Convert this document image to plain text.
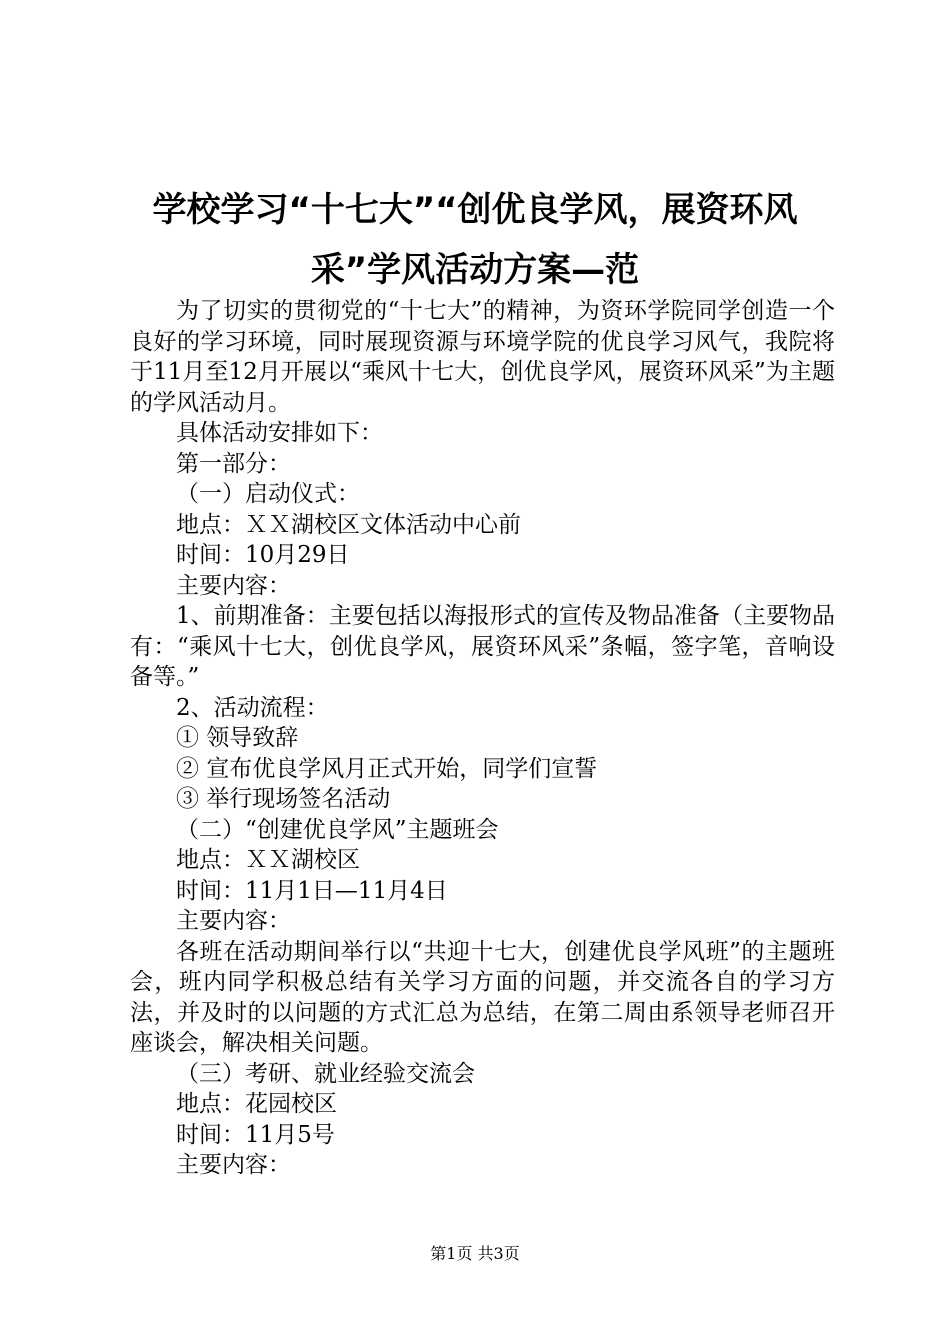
学校学习“十七大”“创优良学风，展资环风
采”学风活动方案—范

为了切实的贯彻党的“十七大”的精神，为资环学院同学创造一个良好的学习环境，同时展现资源与环境学院的优良学习风气，我院将于11月至12月开展以“乘风十七大，创优良学风，展资环风采”为主题的学风活动月。

具体活动安排如下：

第一部分：

（一）启动仪式：

地点：ＸＸ湖校区文体活动中心前

时间：10月29日

主要内容：

1、前期准备：主要包括以海报形式的宣传及物品准备（主要物品有：“乘风十七大，创优良学风，展资环风采”条幅，签字笔，音响设备等。”

2、活动流程：

① 领导致辞

② 宣布优良学风月正式开始，同学们宣誓

③ 举行现场签名活动

（二）“创建优良学风”主题班会

地点：ＸＸ湖校区

时间：11月1日—11月4日

主要内容：

各班在活动期间举行以“共迎十七大，创建优良学风班”的主题班会，班内同学积极总结有关学习方面的问题，并交流各自的学习方法，并及时的以问题的方式汇总为总结，在第二周由系领导老师召开座谈会，解决相关问题。

（三）考研、就业经验交流会

地点：花园校区

时间：11月5号

主要内容：

第1页 共3页
